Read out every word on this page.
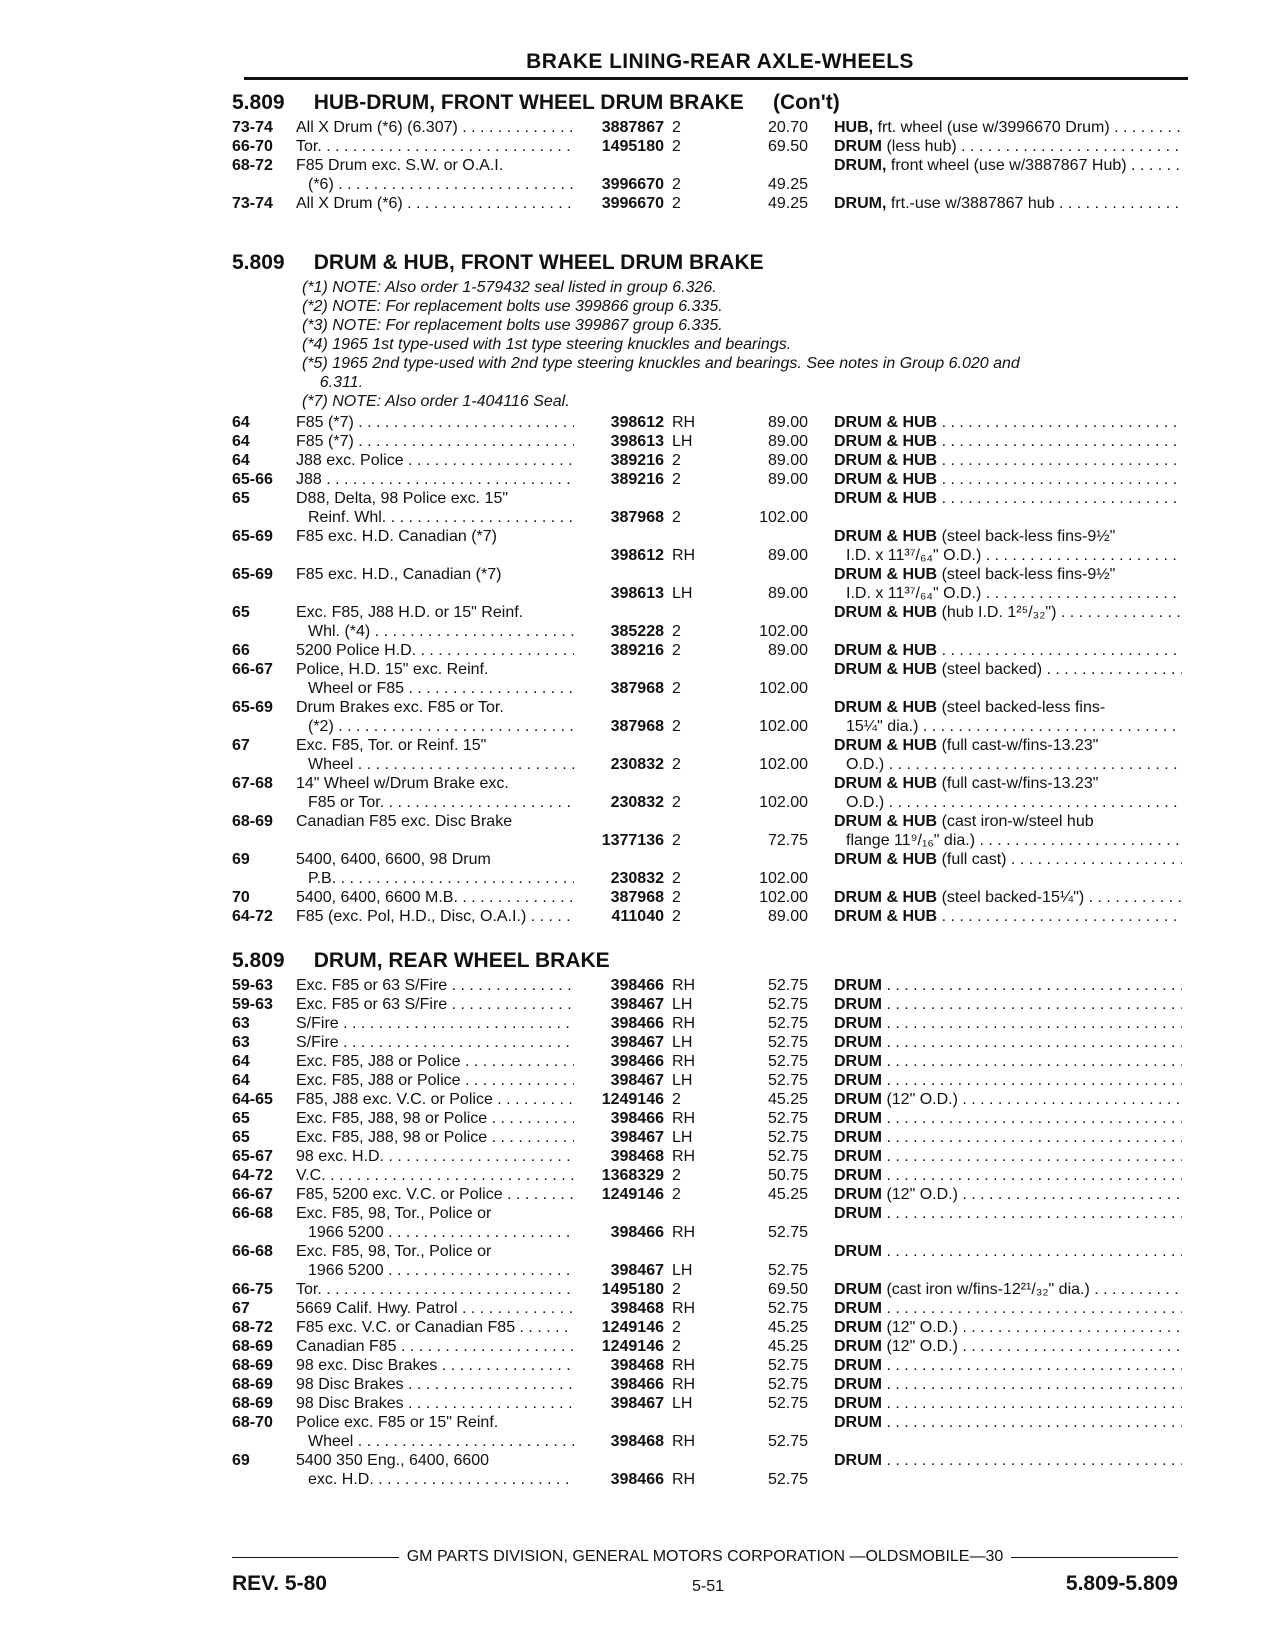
BRAKE LINING-REAR AXLE-WHEELS
5.809     HUB-DRUM, FRONT WHEEL DRUM BRAKE     (Con't)
73-74	All X Drum (*6) (6.307) . . .	3887867	2	20.70	HUB, frt. wheel (use w/3996670 Drum) . . .

66-70	Tor. . . .	1495180	2	69.50	DRUM (less hub) . . .
68-72	F85 Drum exc. S.W. or O.A.I.				DRUM, front wheel (use w/3887867 Hub) . . .
	(*6) . . .	3996670	2	49.25	
73-74	All X Drum (*6) . . .	3996670	2	49.25	DRUM, frt.-use w/3887867 hub . . .
5.809     DRUM & HUB, FRONT WHEEL DRUM BRAKE
(*1) NOTE: Also order 1-579432 seal listed in group 6.326.
(*2) NOTE: For replacement bolts use 399866 group 6.335.
(*3) NOTE: For replacement bolts use 399867 group 6.335.
(*4) 1965 1st type-used with 1st type steering knuckles and bearings.
(*5) 1965 2nd type-used with 2nd type steering knuckles and bearings. See notes in Group 6.020 and
6.311.
(*7) NOTE: Also order 1-404116 Seal.
64	F85 (*7) . . .	398612	RH	89.00	DRUM & HUB . . .
64	F85 (*7) . . .	398613	LH	89.00	DRUM & HUB . . .
64	J88 exc. Police . . .	389216	2	89.00	DRUM & HUB . . .
65-66	J88 . . .	389216	2	89.00	DRUM & HUB . . .
65	D88, Delta, 98 Police exc. 15"				DRUM & HUB . . .
	Reinf. Whl. . . .	387968	2	102.00	
65-69	F85 exc. H.D. Canadian (*7)				DRUM & HUB (steel back-less fins-9½"
		398612	RH	89.00	I.D. x 11³⁷/₆₄" O.D.) . . .
65-69	F85 exc. H.D., Canadian (*7)				DRUM & HUB (steel back-less fins-9½"
		398613	LH	89.00	I.D. x 11³⁷/₆₄" O.D.) . . .
65	Exc. F85, J88 H.D. or 15" Reinf.				DRUM & HUB (hub I.D. 1²⁵/₃₂") . . .
	Whl. (*4) . . .	385228	2	102.00	
66	5200 Police H.D. . . .	389216	2	89.00	DRUM & HUB . . .
66-67	Police, H.D. 15" exc. Reinf.				DRUM & HUB (steel backed) . . .
	Wheel or F85 . . .	387968	2	102.00	
65-69	Drum Brakes exc. F85 or Tor.				DRUM & HUB (steel backed-less fins-
	(*2) . . .	387968	2	102.00	15¼" dia.) . . .
67	Exc. F85, Tor. or Reinf. 15"				DRUM & HUB (full cast-w/fins-13.23"
	Wheel . . .	230832	2	102.00	O.D.) . . .
67-68	14" Wheel w/Drum Brake exc.				DRUM & HUB (full cast-w/fins-13.23"
	F85 or Tor. . . .	230832	2	102.00	O.D.) . . .
68-69	Canadian F85 exc. Disc Brake				DRUM & HUB (cast iron-w/steel hub
		1377136	2	72.75	flange 11⁹/₁₆" dia.) . . .
69	5400, 6400, 6600, 98 Drum				DRUM & HUB (full cast) . . .
	P.B. . . .	230832	2	102.00	
70	5400, 6400, 6600 M.B. . . .	387968	2	102.00	DRUM & HUB (steel backed-15¼") . . .
64-72	F85 (exc. Pol, H.D., Disc, O.A.I.) . . .	411040	2	89.00	DRUM & HUB . . .
5.809     DRUM, REAR WHEEL BRAKE
59-63	Exc. F85 or 63 S/Fire . . .	398466	RH	52.75	DRUM . . .
59-63	Exc. F85 or 63 S/Fire . . .	398467	LH	52.75	DRUM . . .
63	S/Fire . . .	398466	RH	52.75	DRUM . . .
63	S/Fire . . .	398467	LH	52.75	DRUM . . .
64	Exc. F85, J88 or Police . . .	398466	RH	52.75	DRUM . . .
64	Exc. F85, J88 or Police . . .	398467	LH	52.75	DRUM . . .
64-65	F85, J88 exc. V.C. or Police . . .	1249146	2	45.25	DRUM (12" O.D.) . . .
65	Exc. F85, J88, 98 or Police . . .	398466	RH	52.75	DRUM . . .
65	Exc. F85, J88, 98 or Police . . .	398467	LH	52.75	DRUM . . .
65-67	98 exc. H.D. . . .	398468	RH	52.75	DRUM . . .
64-72	V.C. . . .	1368329	2	50.75	DRUM . . .
66-67	F85, 5200 exc. V.C. or Police . . .	1249146	2	45.25	DRUM (12" O.D.) . . .
66-68	Exc. F85, 98, Tor., Police or				DRUM . . .
	1966 5200 . . .	398466	RH	52.75	
66-68	Exc. F85, 98, Tor., Police or				DRUM . . .
	1966 5200 . . .	398467	LH	52.75	
66-75	Tor. . . .	1495180	2	69.50	DRUM (cast iron w/fins-12²¹/₃₂" dia.) . . .
67	5669 Calif. Hwy. Patrol . . .	398468	RH	52.75	DRUM . . .
68-72	F85 exc. V.C. or Canadian F85 . . .	1249146	2	45.25	DRUM (12" O.D.) . . .
68-69	Canadian F85 . . .	1249146	2	45.25	DRUM (12" O.D.) . . .
68-69	98 exc. Disc Brakes . . .	398468	RH	52.75	DRUM . . .
68-69	98 Disc Brakes . . .	398466	RH	52.75	DRUM . . .
68-69	98 Disc Brakes . . .	398467	LH	52.75	DRUM . . .
68-70	Police exc. F85 or 15" Reinf.				DRUM . . .
	Wheel . . .	398468	RH	52.75	
69	5400 350 Eng., 6400, 6600				DRUM . . .
	exc. H.D. . . .	398466	RH	52.75	
GM PARTS DIVISION, GENERAL MOTORS CORPORATION —OLDSMOBILE—30
REV. 5-80	5-51	5.809-5.809
